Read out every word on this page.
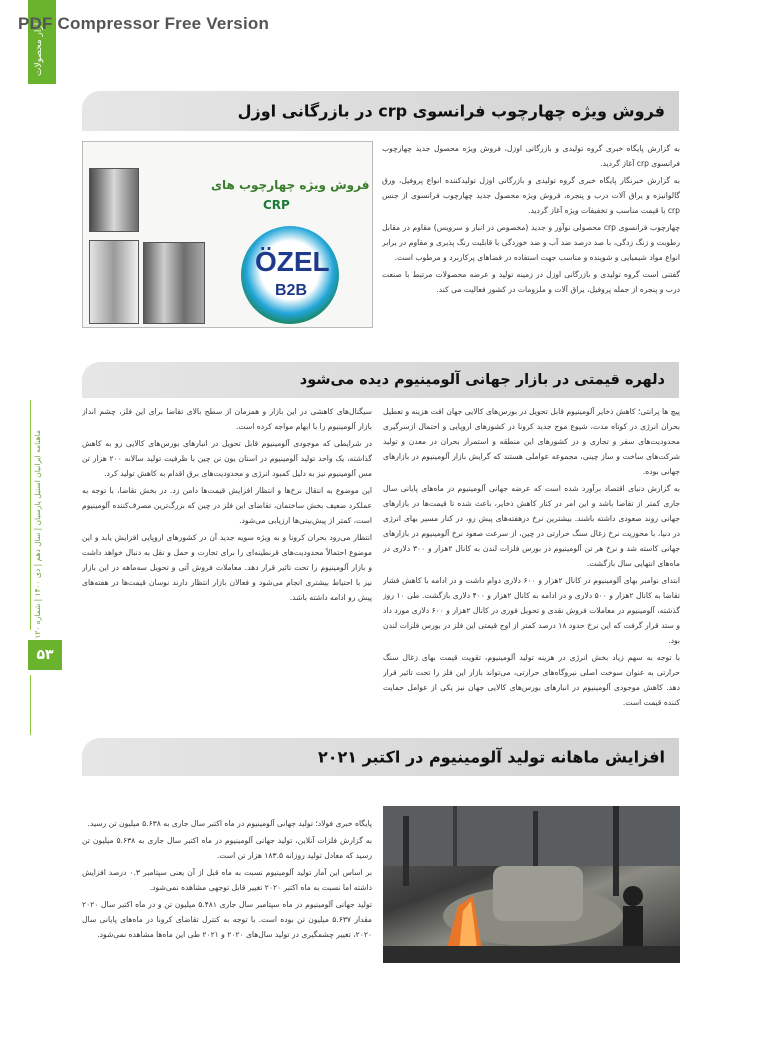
PDF Compressor Free Version
بازار محصولات
ماهنامه ایرانیان استیل پارسیان | سال دهم | دی ۱۴۰۰ | شماره ۱۲۰
۵۳
فروش ویژه چهارچوب فرانسوی crp در بازرگانی اوزل
فروش ویژه چهارچوب های
CRP
ÖZEL
B2B

به گزارش پایگاه خبری گروه تولیدی و بازرگانی اوزل، فروش ویژه محصول جدید چهارچوب فرانسوی crp آغاز گردید.

به گزارش خبرنگار پایگاه خبری گروه تولیدی و بازرگانی اوزل تولیدکننده انواع پروفیل، ورق گالوانیزه و یراق آلات درب و پنجره، فروش ویژه محصول جدید چهارچوب فرانسوی از جنس crp با قیمت مناسب و تخفیفات ویژه آغاز گردید.

چهارچوب فرانسوی crp محصولی نوآور و جدید (مخصوص در انبار و سرویس) مقاوم در مقابل رطوبت و زنگ زدگی، با صد درصد ضد آب و ضد خوردگی با قابلیت رنگ پذیری و مقاوم در برابر انواع مواد شیمیایی و شوینده و مناسب جهت استفاده در فضاهای پرکاربرد و مرطوب است.

گفتنی است گروه تولیدی و بازرگانی اوزل در زمینه تولید و عرضه محصولات مرتبط با صنعت درب و پنجره از جمله پروفیل، یراق آلات و ملزومات در کشور فعالیت می کند.

دلهره قیمتی در بازار جهانی آلومینیوم دیده می‌شود

پیچ ها پرانتی؛ کاهش ذخایر آلومینیوم قابل تحویل در بورس‌های کالایی جهان افت هزینه و تعطیل بحران انرژی در کوتاه مدت، شیوع موج جدید کرونا در کشورهای اروپایی و احتمال ازسرگیری محدودیت‌های سفر و تجاری و در کشورهای این منطقه و استمرار بحران در معدن و تولید شرکت‌های ساخت و ساز چینی، مجموعه عواملی هستند که گرایش بازار آلومینیوم در بازارهای جهانی بوده.

به گزارش دنیای اقتصاد برآورد شده است که عرضه جهانی آلومینیوم در ماه‌های پایانی سال جاری کمتر از تقاضا باشد و این امر در کنار کاهش ذخایر، باعث شده تا قیمت‌ها در بازارهای جهانی روند صعودی داشته باشند. بیشترین نرخ درهفته‌های پیش رو، در کنار مسیر بهای انرژی در دنیا، با محوریت نرخ زغال سنگ حرارتی در چین، از سرعت صعود نرخ آلومینیوم در بازارهای جهانی کاسته شد و نرخ هر تن آلومینیوم در بورس فلزات لندن به کانال ۲هزار و ۳۰۰ دلاری در ماه‌های انتهایی سال بازگشت.

ابتدای نوامبر بهای آلومینیوم در کانال ۲هزار و ۶۰۰ دلاری دوام داشت و در ادامه با کاهش فشار تقاضا به کانال ۲هزار و ۵۰۰ دلاری و در ادامه به کانال ۲هزار و ۴۰۰ دلاری بازگشت. طی ۱۰ روز گذشته، آلومینیوم در معاملات فروش نقدی و تحویل فوری در کانال ۲هزار و ۶۰۰ دلاری مورد داد و ستد قرار گرفت که این نرخ حدود ۱۸ درصد کمتر از اوج قیمتی این فلز در بورس فلزات لندن بود.

با توجه به سهم زیاد بخش انرژی در هزینه تولید آلومینیوم، تقویت قیمت بهای زغال سنگ حرارتی به عنوان سوخت اصلی نیروگاه‌های حرارتی، می‌تواند بازار این فلز را تحت تاثیر قرار دهد. کاهش موجودی آلومینیوم در انبارهای بورس‌های کالایی جهان نیز یکی از عوامل حمایت کننده قیمت است.

سیگنال‌های کاهشی در این بازار و همزمان از سطح بالای تقاضا برای این فلز، چشم انداز بازار آلومینیوم را با ابهام مواجه کرده است.

در شرایطی که موجودی آلومینیوم قابل تحویل در انبارهای بورس‌های کالایی رو به کاهش گذاشته، یک واحد تولید آلومینیوم در استان یون نن چین با ظرفیت تولید سالانه ۲۰۰ هزار تن مس آلومینیوم نیز به دلیل کمبود انرژی و محدودیت‌های برق اقدام به کاهش تولید کرد.

این موضوع به انتقال نرخ‌ها و انتظار افزایش قیمت‌ها دامن زد. در بخش تقاضا، با توجه به عملکرد ضعیف بخش ساختمان، تقاضای این فلز در چین که بزرگ‌ترین مصرف‌کننده آلومینیوم است، کمتر از پیش‌بینی‌ها ارزیابی می‌شود.

انتظار می‌رود بحران کرونا و به ویژه سویه جدید آن در کشورهای اروپایی افزایش یابد و این موضوع احتمالاً محدودیت‌های قرنطینه‌ای را برای تجارت و حمل و نقل به دنبال خواهد داشت و بازار آلومینیوم را تحت تاثیر قرار دهد. معاملات فروش آتی و تحویل سه‌ماهه در این بازار نیز با احتیاط بیشتری انجام می‌شود و فعالان بازار انتظار دارند نوسان قیمت‌ها در هفته‌های پیش رو ادامه داشته باشد.

افزایش ماهانه تولید آلومینیوم در اکتبر ۲۰۲۱

پایگاه خبری فولاد؛ تولید جهانی آلومینیوم در ماه اکتبر سال جاری به ۵.۶۳۸ میلیون تن رسید.

به گزارش فلزات آنلاین، تولید جهانی آلومینیوم در ماه اکتبر سال جاری به ۵.۶۳۸ میلیون تن رسید که معادل تولید روزانه ۱۸۳.۵ هزار تن است.

بر اساس این آمار تولید آلومینیوم نسبت به ماه قبل از آن یعنی سپتامبر ۰.۳ درصد افزایش داشته اما نسبت به ماه اکتبر ۲۰۲۰ تغییر قابل توجهی مشاهده نمی‌شود.

تولید جهانی آلومینیوم در ماه سپتامبر سال جاری ۵.۴۸۱ میلیون تن و در ماه اکتبر سال ۲۰۲۰ مقدار ۵.۶۳۷ میلیون تن بوده است. با توجه به کنترل تقاضای کرونا در ماه‌های پایانی سال ۲۰۲۰، تغییر چشمگیری در تولید سال‌های ۲۰۲۰ و ۲۰۲۱ طی این ماه‌ها مشاهده نمی‌شود.
